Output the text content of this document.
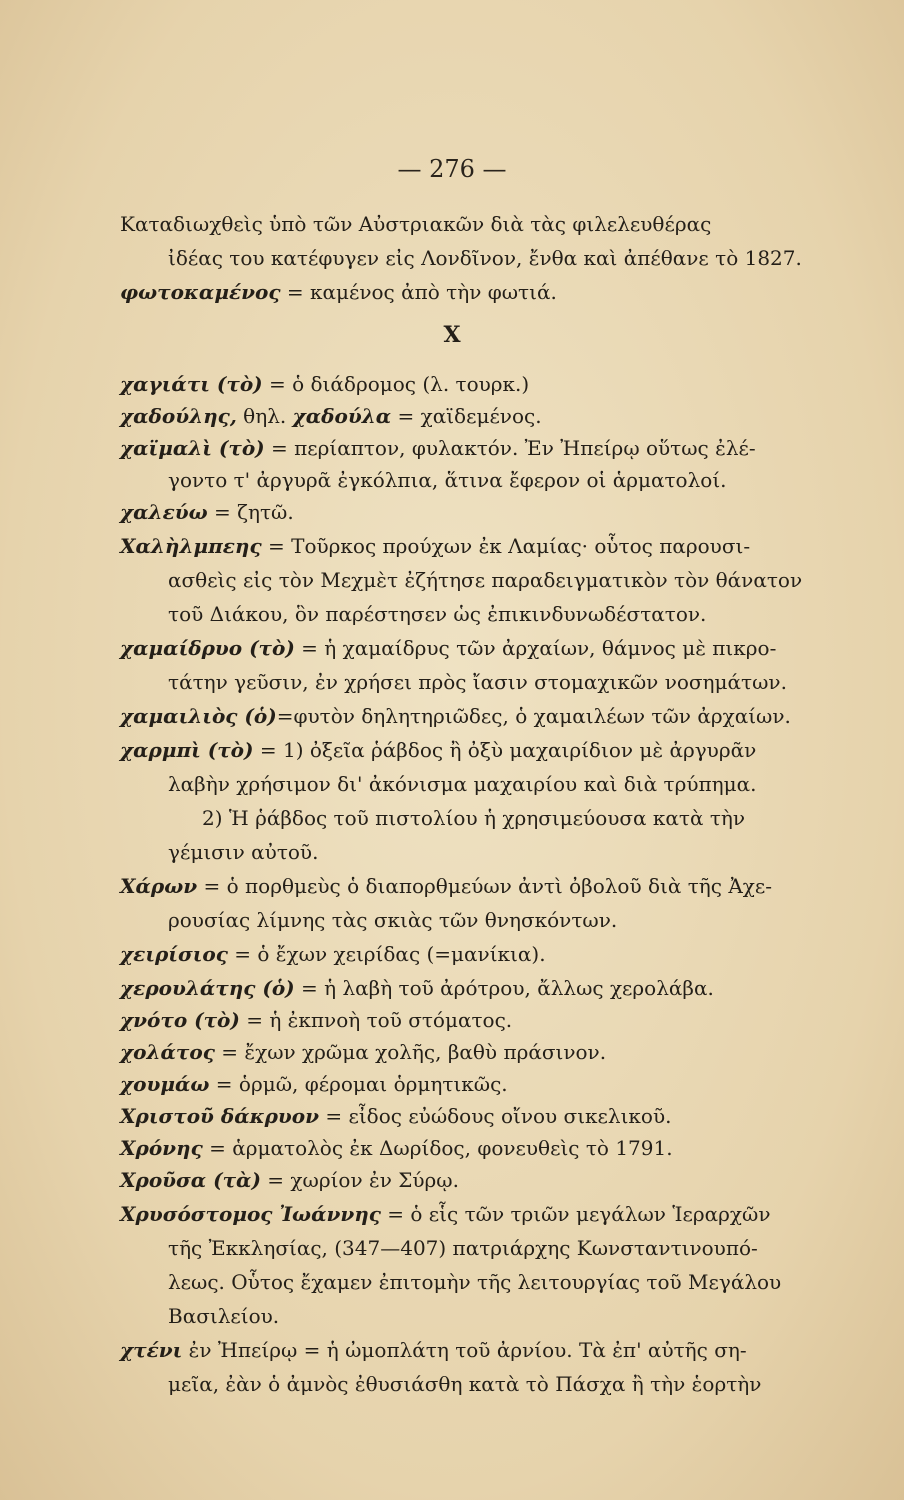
— 276 —
Καταδιωχθεὶς ὑπὸ τῶν Αὐστριακῶν διὰ τὰς φιλελευθέρας
ἰδέας του κατέφυγεν εἰς Λονδῖνον, ἔνθα καὶ ἀπέθανε τὸ 1827.
φωτοκαμένος = καμένος ἀπὸ τὴν φωτιά.
X
χαγιάτι (τὸ) = ὁ διάδρομος (λ. τουρκ.)
χαδούλης, θηλ. χαδούλα = χαϊδεμένος.
χαϊμαλὶ (τὸ) = περίαπτον, φυλακτόν. Ἐν Ἠπείρῳ οὕτως ἐλέ-
γοντο τ' ἀργυρᾶ ἐγκόλπια, ἅτινα ἔφερον οἱ ἁρματολοί.
χαλεύω = ζητῶ.
Χαλὴλμπεης = Τοῦρκος προύχων ἐκ Λαμίας· οὗτος παρουσι-
ασθεὶς εἰς τὸν Μεχμὲτ ἐζήτησε παραδειγματικὸν τὸν θάνατον
τοῦ Διάκου, ὃν παρέστησεν ὡς ἐπικινδυνωδέστατον.
χαμαίδρυο (τὸ) = ἡ χαμαίδρυς τῶν ἀρχαίων, θάμνος μὲ πικρο-
τάτην γεῦσιν, ἐν χρήσει πρὸς ἴασιν στομαχικῶν νοσημάτων.
χαμαιλιὸς (ὁ)=φυτὸν δηλητηριῶδες, ὁ χαμαιλέων τῶν ἀρχαίων.
χαρμπὶ (τὸ) = 1) ὀξεῖα ῥάβδος ἢ ὀξὺ μαχαιρίδιον μὲ ἀργυρᾶν
λαβὴν χρήσιμον δι' ἀκόνισμα μαχαιρίου καὶ διὰ τρύπημα.
2) Ἡ ῥάβδος τοῦ πιστολίου ἡ χρησιμεύουσα κατὰ τὴν
γέμισιν αὐτοῦ.
Χάρων = ὁ πορθμεὺς ὁ διαπορθμεύων ἀντὶ ὀβολοῦ διὰ τῆς Ἀχε-
ρουσίας λίμνης τὰς σκιὰς τῶν θνησκόντων.
χειρίσιος = ὁ ἔχων χειρίδας (=μανίκια).
χερουλάτης (ὁ) = ἡ λαβὴ τοῦ ἀρότρου, ἄλλως χερολάβα.
χνότο (τὸ) = ἡ ἐκπνοὴ τοῦ στόματος.
χολάτος = ἔχων χρῶμα χολῆς, βαθὺ πράσινον.
χουμάω = ὁρμῶ, φέρομαι ὁρμητικῶς.
Χριστοῦ δάκρυον = εἶδος εὐώδους οἴνου σικελικοῦ.
Χρόνης = ἁρματολὸς ἐκ Δωρίδος, φονευθεὶς τὸ 1791.
Χροῦσα (τὰ) = χωρίον ἐν Σύρῳ.
Χρυσόστομος Ἰωάννης = ὁ εἷς τῶν τριῶν μεγάλων Ἱεραρχῶν
τῆς Ἐκκλησίας, (347—407) πατριάρχης Κωνσταντινουπό-
λεως. Οὗτος ἔχαμεν ἐπιτομὴν τῆς λειτουργίας τοῦ Μεγάλου
Βασιλείου.
χτένι ἐν Ἠπείρῳ = ἡ ὠμοπλάτη τοῦ ἀρνίου. Τὰ ἐπ' αὐτῆς ση-
μεῖα, ἐὰν ὁ ἀμνὸς ἐθυσιάσθη κατὰ τὸ Πάσχα ἢ τὴν ἑορτὴν
